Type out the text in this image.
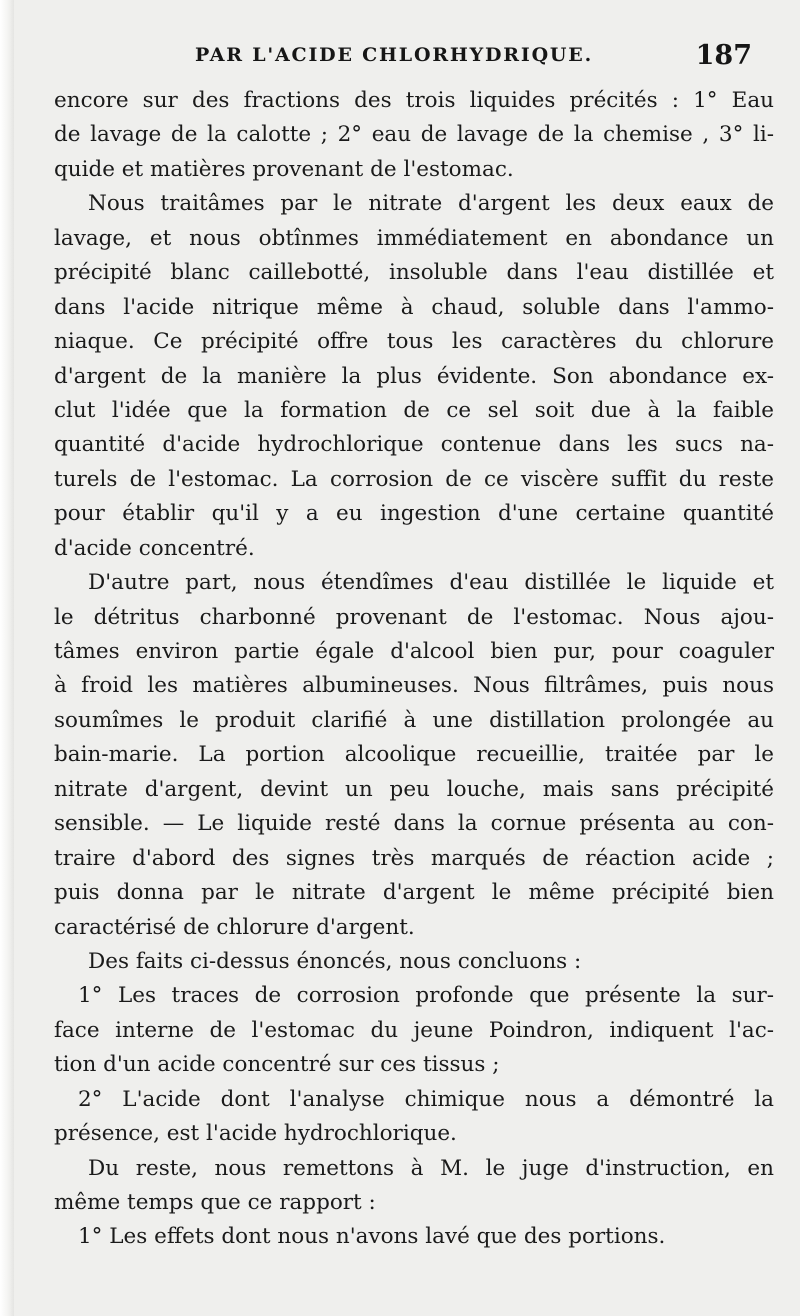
PAR L'ACIDE CHLORHYDRIQUE.	187
encore sur des fractions des trois liquides précités : 1° Eau
de lavage de la calotte ; 2° eau de lavage de la chemise , 3° li-
quide et matières provenant de l'estomac.
Nous traitâmes par le nitrate d'argent les deux eaux de
lavage, et nous obtînmes immédiatement en abondance un
précipité blanc caillebotté, insoluble dans l'eau distillée et
dans l'acide nitrique même à chaud, soluble dans l'ammo-
niaque. Ce précipité offre tous les caractères du chlorure
d'argent de la manière la plus évidente. Son abondance ex-
clut l'idée que la formation de ce sel soit due à la faible
quantité d'acide hydrochlorique contenue dans les sucs na-
turels de l'estomac. La corrosion de ce viscère suffit du reste
pour établir qu'il y a eu ingestion d'une certaine quantité
d'acide concentré.
D'autre part, nous étendîmes d'eau distillée le liquide et
le détritus charbonné provenant de l'estomac. Nous ajou-
tâmes environ partie égale d'alcool bien pur, pour coaguler
à froid les matières albumineuses. Nous filtrâmes, puis nous
soumîmes le produit clarifié à une distillation prolongée au
bain-marie. La portion alcoolique recueillie, traitée par le
nitrate d'argent, devint un peu louche, mais sans précipité
sensible. — Le liquide resté dans la cornue présenta au con-
traire d'abord des signes très marqués de réaction acide ;
puis donna par le nitrate d'argent le même précipité bien
caractérisé de chlorure d'argent.
Des faits ci-dessus énoncés, nous concluons :
1° Les traces de corrosion profonde que présente la sur-
face interne de l'estomac du jeune Poindron, indiquent l'ac-
tion d'un acide concentré sur ces tissus ;
2° L'acide dont l'analyse chimique nous a démontré la
présence, est l'acide hydrochlorique.
Du reste, nous remettons à M. le juge d'instruction, en
même temps que ce rapport :
1° Les effets dont nous n'avons lavé que des portions.
